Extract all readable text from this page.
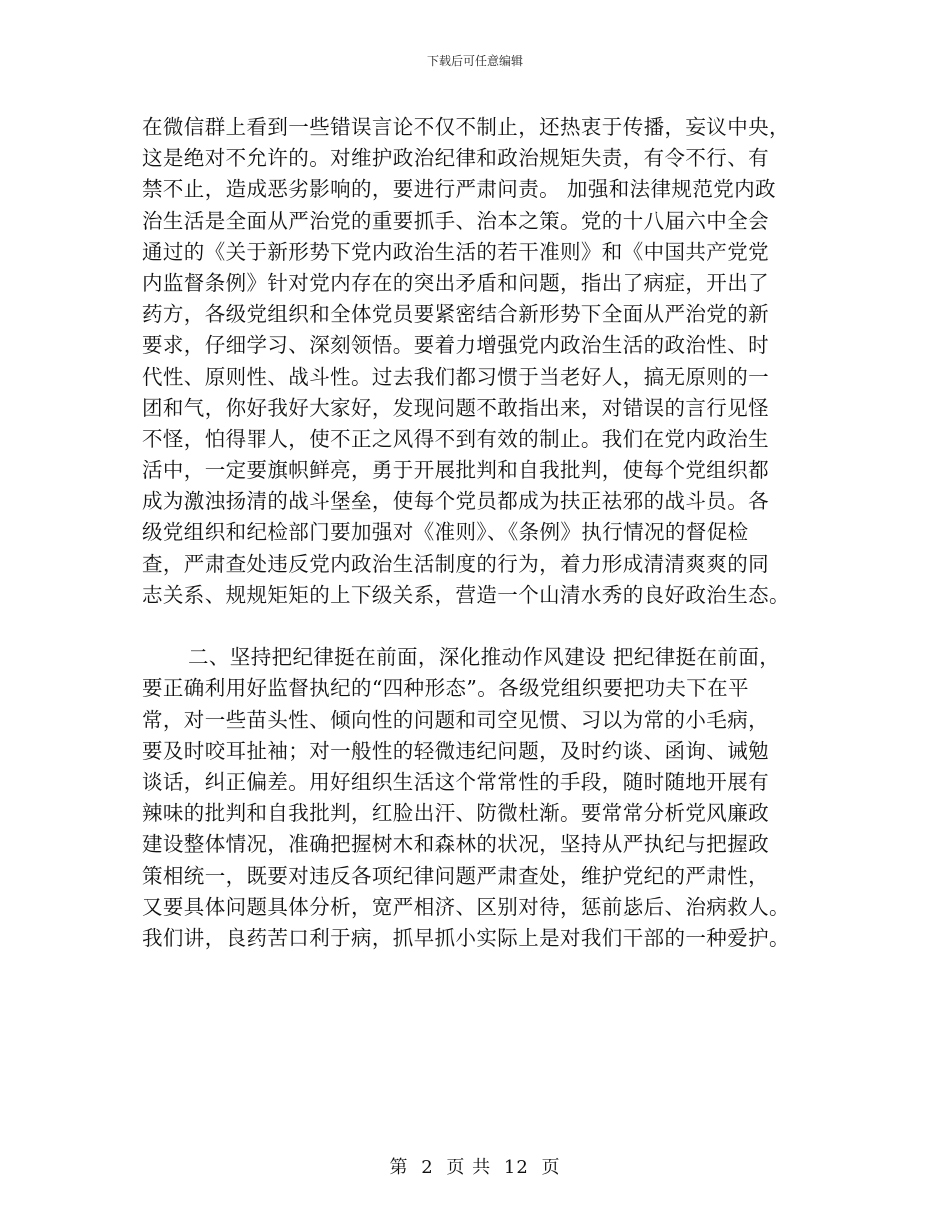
下载后可任意编辑
在微信群上看到一些错误言论不仅不制止，还热衷于传播，妄议中央，
这是绝对不允许的。对维护政治纪律和政治规矩失责，有令不行、有
禁不止，造成恶劣影响的，要进行严肃问责。 加强和法律规范党内政
治生活是全面从严治党的重要抓手、治本之策。党的十八届六中全会
通过的《关于新形势下党内政治生活的若干准则》和《中国共产党党
内监督条例》针对党内存在的突出矛盾和问题，指出了病症，开出了
药方，各级党组织和全体党员要紧密结合新形势下全面从严治党的新
要求，仔细学习、深刻领悟。要着力增强党内政治生活的政治性、时
代性、原则性、战斗性。过去我们都习惯于当老好人，搞无原则的一
团和气，你好我好大家好，发现问题不敢指出来，对错误的言行见怪
不怪，怕得罪人，使不正之风得不到有效的制止。我们在党内政治生
活中，一定要旗帜鲜亮，勇于开展批判和自我批判，使每个党组织都
成为激浊扬清的战斗堡垒，使每个党员都成为扶正祛邪的战斗员。各
级党组织和纪检部门要加强对《准则》、《条例》执行情况的督促检
查，严肃查处违反党内政治生活制度的行为，着力形成清清爽爽的同
志关系、规规矩矩的上下级关系，营造一个山清水秀的良好政治生态。
二、坚持把纪律挺在前面，深化推动作风建设 把纪律挺在前面，
要正确利用好监督执纪的“四种形态”。各级党组织要把功夫下在平
常，对一些苗头性、倾向性的问题和司空见惯、习以为常的小毛病，
要及时咬耳扯袖；对一般性的轻微违纪问题，及时约谈、函询、诫勉
谈话，纠正偏差。用好组织生活这个常常性的手段，随时随地开展有
辣味的批判和自我批判，红脸出汗、防微杜渐。要常常分析党风廉政
建设整体情况，准确把握树木和森林的状况，坚持从严执纪与把握政
策相统一，既要对违反各项纪律问题严肃查处，维护党纪的严肃性，
又要具体问题具体分析，宽严相济、区别对待，惩前毖后、治病救人。
我们讲，良药苦口利于病，抓早抓小实际上是对我们干部的一种爱护。
第 2 页 共 12 页
